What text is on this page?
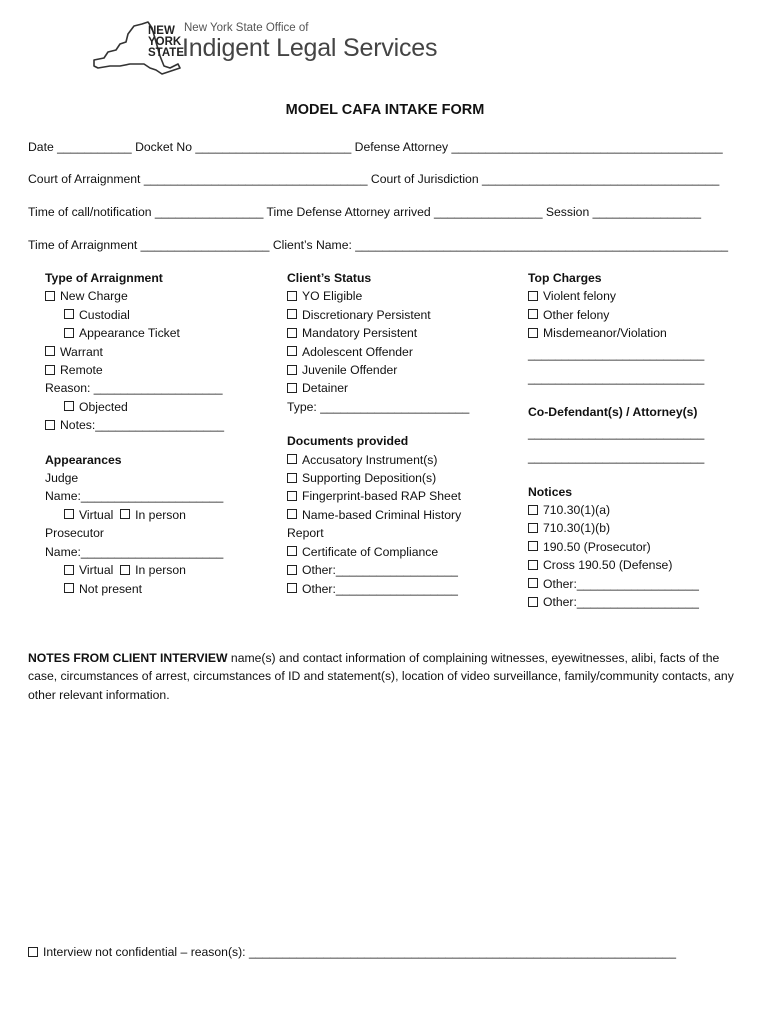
NEW
YORK
STATE
New York State Office of
Indigent Legal Services
MODEL CAFA INTAKE FORM
Date ___________ Docket No _______________________ Defense Attorney ________________________________________
Court of Arraignment _________________________________ Court of Jurisdiction ___________________________________
Time of call/notification ________________ Time Defense Attorney arrived ________________ Session ________________
Time of Arraignment ___________________ Client’s Name: _______________________________________________________
Type of Arraignment
New Charge
Custodial
Appearance Ticket
Warrant
Remote
Reason: ___________________
Objected
Notes:___________________
Appearances
Judge
Name:_____________________
Virtual In person
Prosecutor
Name:_____________________
Virtual In person
Not present
Client’s Status
YO Eligible
Discretionary Persistent
Mandatory Persistent
Adolescent Offender
Juvenile Offender
Detainer
Type: ______________________
Documents provided
Accusatory Instrument(s)
Supporting Deposition(s)
Fingerprint-based RAP Sheet
Name-based Criminal History
Report
Certificate of Compliance
Other:__________________
Other:__________________
Top Charges
Violent felony
Other felony
Misdemeanor/Violation
__________________________
__________________________
Co-Defendant(s) / Attorney(s)
__________________________
__________________________
Notices
710.30(1)(a)
710.30(1)(b)
190.50 (Prosecutor)
Cross 190.50 (Defense)
Other:__________________
Other:__________________
NOTES FROM CLIENT INTERVIEW name(s) and contact information of complaining witnesses, eyewitnesses, alibi, facts of the case, circumstances of arrest, circumstances of ID and statement(s), location of video surveillance, family/community contacts, any other relevant information.
Interview not confidential – reason(s): _______________________________________________________________
